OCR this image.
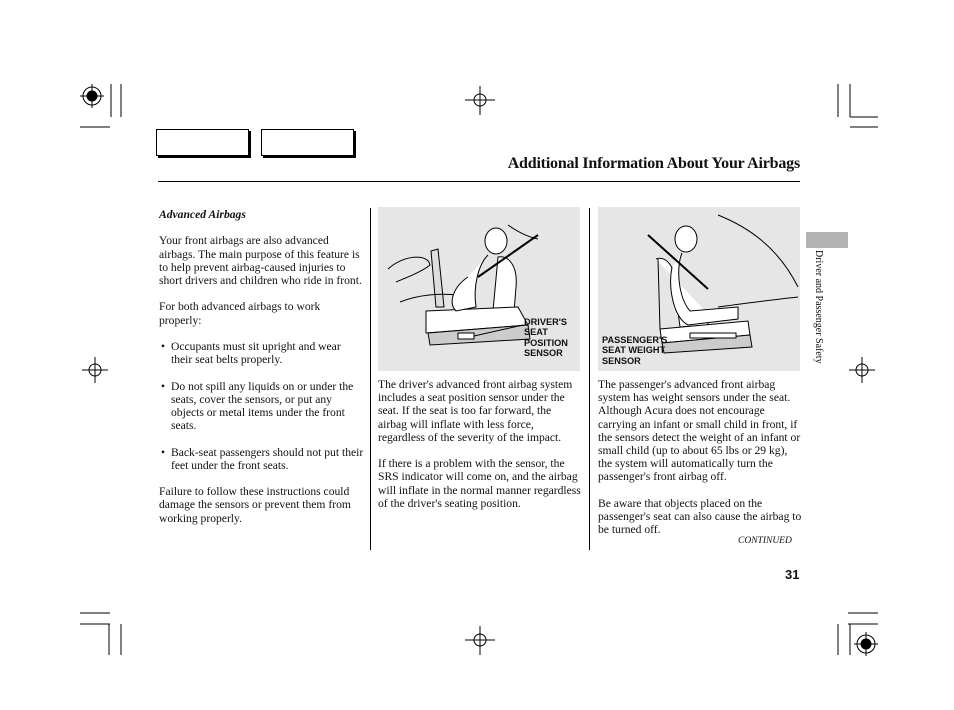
Additional Information About Your Airbags
Driver and Passenger Safety

Advanced Airbags

Your front airbags are also advanced airbags. The main purpose of this feature is to help prevent airbag-caused injuries to short drivers and children who ride in front.

For both advanced airbags to work properly:

• Occupants must sit upright and wear their seat belts properly.
• Do not spill any liquids on or under the seats, cover the sensors, or put any objects or metal items under the front seats.
• Back-seat passengers should not put their feet under the front seats.

Failure to follow these instructions could damage the sensors or prevent them from working properly.

DRIVER'S SEAT POSITION SENSOR

The driver's advanced front airbag system includes a seat position sensor under the seat. If the seat is too far forward, the airbag will inflate with less force, regardless of the severity of the impact.

If there is a problem with the sensor, the SRS indicator will come on, and the airbag will inflate in the normal manner regardless of the driver's seating position.

PASSENGER'S SEAT WEIGHT SENSOR

The passenger's advanced front airbag system has weight sensors under the seat. Although Acura does not encourage carrying an infant or small child in front, if the sensors detect the weight of an infant or small child (up to about 65 lbs or 29 kg), the system will automatically turn the passenger's front airbag off.

Be aware that objects placed on the passenger's seat can also cause the airbag to be turned off.

CONTINUED
31
